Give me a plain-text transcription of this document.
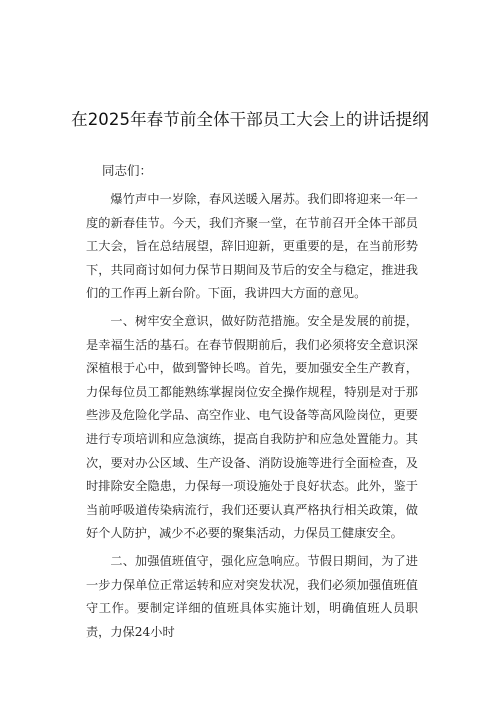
在2025年春节前全体干部员工大会上的讲话提纲
同志们：

爆竹声中一岁除，春风送暖入屠苏。我们即将迎来一年一度的新春佳节。今天，我们齐聚一堂，在节前召开全体干部员工大会，旨在总结展望，辞旧迎新，更重要的是，在当前形势下，共同商讨如何力保节日期间及节后的安全与稳定，推进我们的工作再上新台阶。下面，我讲四大方面的意见。

一、树牢安全意识，做好防范措施。安全是发展的前提，是幸福生活的基石。在春节假期前后，我们必须将安全意识深深植根于心中，做到警钟长鸣。首先，要加强安全生产教育，力保每位员工都能熟练掌握岗位安全操作规程，特别是对于那些涉及危险化学品、高空作业、电气设备等高风险岗位，更要进行专项培训和应急演练，提高自我防护和应急处置能力。其次，要对办公区域、生产设备、消防设施等进行全面检查，及时排除安全隐患，力保每一项设施处于良好状态。此外，鉴于当前呼吸道传染病流行，我们还要认真严格执行相关政策，做好个人防护，减少不必要的聚集活动，力保员工健康安全。

二、加强值班值守，强化应急响应。节假日期间，为了进一步力保单位正常运转和应对突发状况，我们必须加强值班值守工作。要制定详细的值班具体实施计划，明确值班人员职责，力保24小时
